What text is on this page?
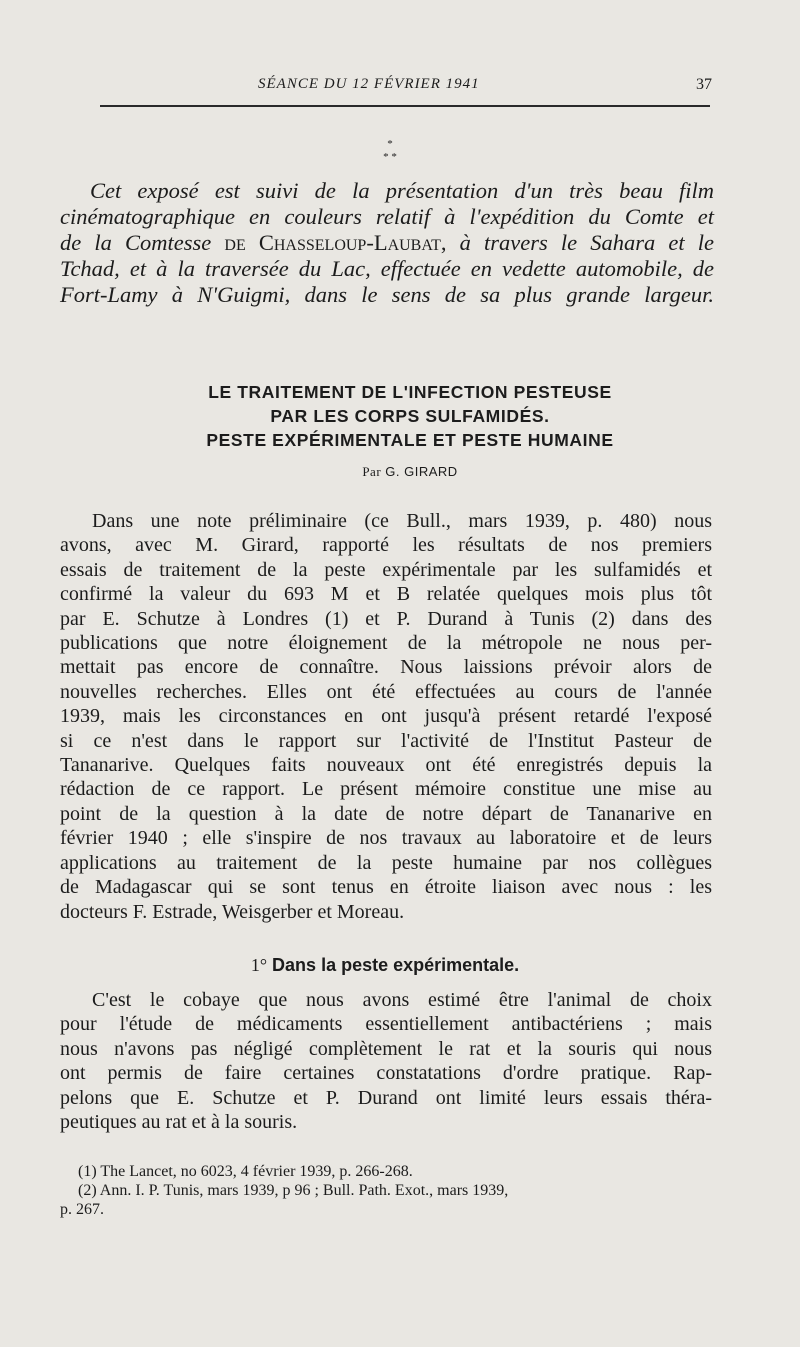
SÉANCE DU 12 FÉVRIER 1941	37
*
* *
Cet exposé est suivi de la présentation d'un très beau film
cinématographique en couleurs relatif à l'expédition du Comte et
de la Comtesse de Chasseloup-Laubat, à travers le Sahara et le
Tchad, et à la traversée du Lac, effectuée en vedette automobile, de
Fort-Lamy à N'Guigmi, dans le sens de sa plus grande largeur.
LE TRAITEMENT DE L'INFECTION PESTEUSE
PAR LES CORPS SULFAMIDÉS.
PESTE EXPÉRIMENTALE ET PESTE HUMAINE
Par G. GIRARD
Dans une note préliminaire (ce Bull., mars 1939, p. 480) nous
avons, avec M. Girard, rapporté les résultats de nos premiers
essais de traitement de la peste expérimentale par les sulfamidés et
confirmé la valeur du 693 M et B relatée quelques mois plus tôt
par E. Schutze à Londres (1) et P. Durand à Tunis (2) dans des
publications que notre éloignement de la métropole ne nous per-
mettait pas encore de connaître. Nous laissions prévoir alors de
nouvelles recherches. Elles ont été effectuées au cours de l'année
1939, mais les circonstances en ont jusqu'à présent retardé l'exposé
si ce n'est dans le rapport sur l'activité de l'Institut Pasteur de
Tananarive. Quelques faits nouveaux ont été enregistrés depuis la
rédaction de ce rapport. Le présent mémoire constitue une mise au
point de la question à la date de notre départ de Tananarive en
février 1940 ; elle s'inspire de nos travaux au laboratoire et de leurs
applications au traitement de la peste humaine par nos collègues
de Madagascar qui se sont tenus en étroite liaison avec nous : les
docteurs F. Estrade, Weisgerber et Moreau.
1° Dans la peste expérimentale.
C'est le cobaye que nous avons estimé être l'animal de choix
pour l'étude de médicaments essentiellement antibactériens ; mais
nous n'avons pas négligé complètement le rat et la souris qui nous
ont permis de faire certaines constatations d'ordre pratique. Rap-
pelons que E. Schutze et P. Durand ont limité leurs essais théra-
peutiques au rat et à la souris.
(1) The Lancet, no 6023, 4 février 1939, p. 266-268.
(2) Ann. I. P. Tunis, mars 1939, p 96 ; Bull. Path. Exot., mars 1939,
p. 267.
